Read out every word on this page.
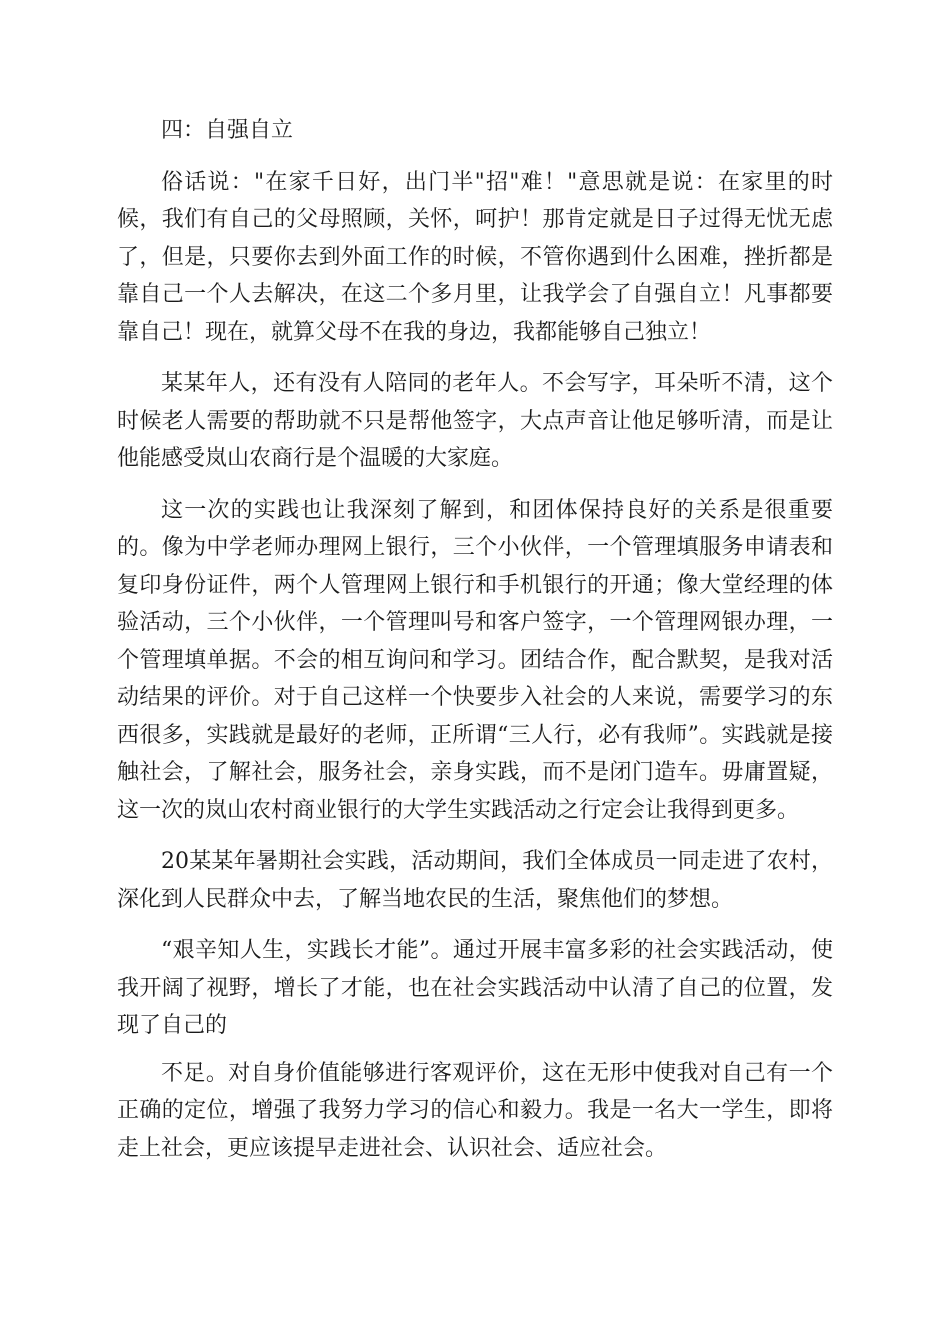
四：自强自立

俗话说："在家千日好，出门半"招"难！"意思就是说：在家里的时候，我们有自己的父母照顾，关怀，呵护！那肯定就是日子过得无忧无虑了，但是，只要你去到外面工作的时候，不管你遇到什么困难，挫折都是靠自己一个人去解决，在这二个多月里，让我学会了自强自立！凡事都要靠自己！现在，就算父母不在我的身边，我都能够自己独立！

某某年人，还有没有人陪同的老年人。不会写字，耳朵听不清，这个时候老人需要的帮助就不只是帮他签字，大点声音让他足够听清，而是让他能感受岚山农商行是个温暖的大家庭。

这一次的实践也让我深刻了解到，和团体保持良好的关系是很重要的。像为中学老师办理网上银行，三个小伙伴，一个管理填服务申请表和复印身份证件，两个人管理网上银行和手机银行的开通；像大堂经理的体验活动，三个小伙伴，一个管理叫号和客户签字，一个管理网银办理，一个管理填单据。不会的相互询问和学习。团结合作，配合默契，是我对活动结果的评价。对于自己这样一个快要步入社会的人来说，需要学习的东西很多，实践就是最好的老师，正所谓“三人行，必有我师”。实践就是接触社会，了解社会，服务社会，亲身实践，而不是闭门造车。毋庸置疑，这一次的岚山农村商业银行的大学生实践活动之行定会让我得到更多。

20某某年暑期社会实践，活动期间，我们全体成员一同走进了农村，深化到人民群众中去，了解当地农民的生活，聚焦他们的梦想。

“艰辛知人生，实践长才能”。通过开展丰富多彩的社会实践活动，使我开阔了视野，增长了才能，也在社会实践活动中认清了自己的位置，发现了自己的

不足。对自身价值能够进行客观评价，这在无形中使我对自己有一个正确的定位，增强了我努力学习的信心和毅力。我是一名大一学生，即将走上社会，更应该提早走进社会、认识社会、适应社会。
